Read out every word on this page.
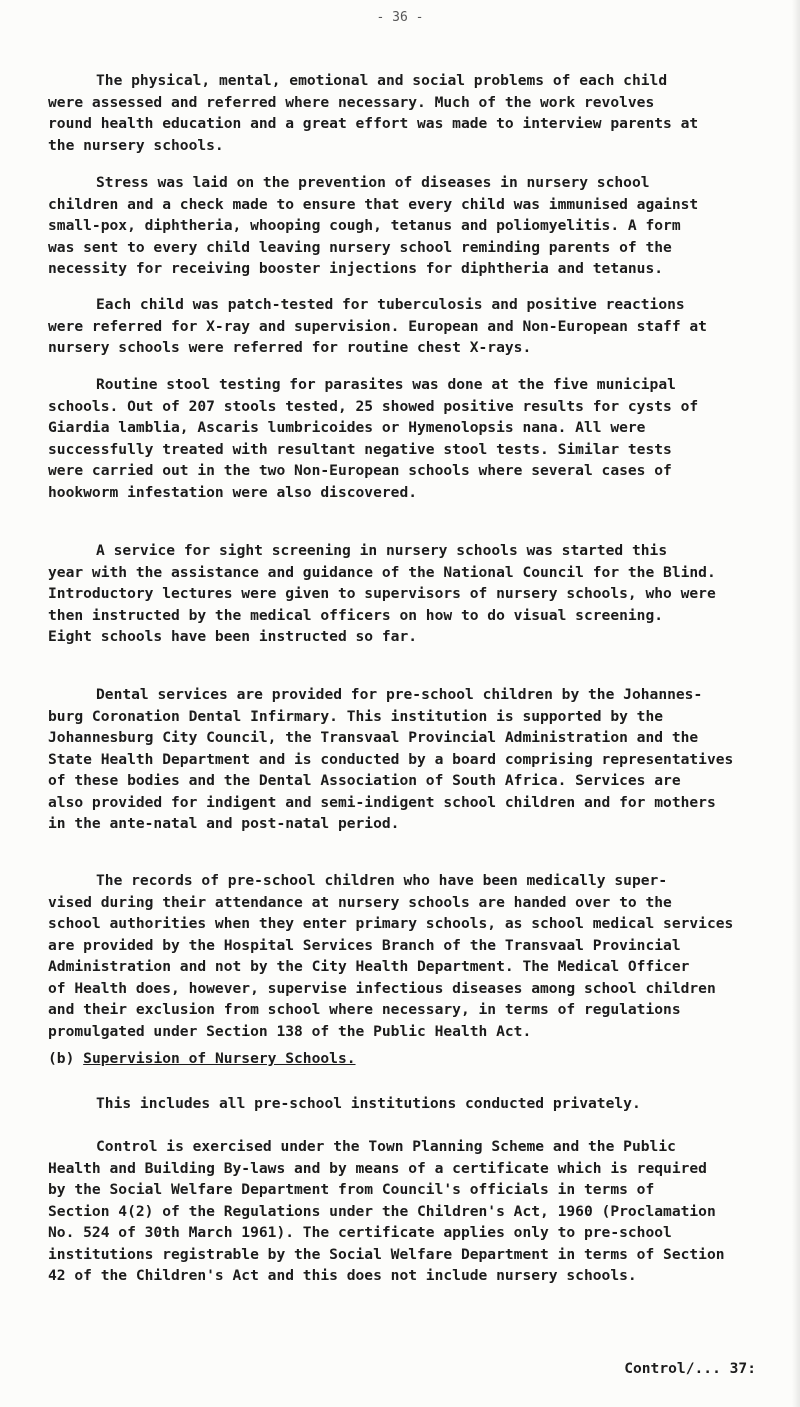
- 36 -
The physical, mental, emotional and social problems of each child
were assessed and referred where necessary. Much of the work revolves
round health education and a great effort was made to interview parents at
the nursery schools.
Stress was laid on the prevention of diseases in nursery school
children and a check made to ensure that every child was immunised against
small-pox, diphtheria, whooping cough, tetanus and poliomyelitis. A form
was sent to every child leaving nursery school reminding parents of the
necessity for receiving booster injections for diphtheria and tetanus.
Each child was patch-tested for tuberculosis and positive reactions
were referred for X-ray and supervision. European and Non-European staff at
nursery schools were referred for routine chest X-rays.
Routine stool testing for parasites was done at the five municipal
schools. Out of 207 stools tested, 25 showed positive results for cysts of
Giardia lamblia, Ascaris lumbricoides or Hymenolopsis nana. All were
successfully treated with resultant negative stool tests. Similar tests
were carried out in the two Non-European schools where several cases of
hookworm infestation were also discovered.
A service for sight screening in nursery schools was started this
year with the assistance and guidance of the National Council for the Blind.
Introductory lectures were given to supervisors of nursery schools, who were
then instructed by the medical officers on how to do visual screening.
Eight schools have been instructed so far.
Dental services are provided for pre-school children by the Johannes-
burg Coronation Dental Infirmary. This institution is supported by the
Johannesburg City Council, the Transvaal Provincial Administration and the
State Health Department and is conducted by a board comprising representatives
of these bodies and the Dental Association of South Africa. Services are
also provided for indigent and semi-indigent school children and for mothers
in the ante-natal and post-natal period.
The records of pre-school children who have been medically super-
vised during their attendance at nursery schools are handed over to the
school authorities when they enter primary schools, as school medical services
are provided by the Hospital Services Branch of the Transvaal Provincial
Administration and not by the City Health Department. The Medical Officer
of Health does, however, supervise infectious diseases among school children
and their exclusion from school where necessary, in terms of regulations
promulgated under Section 138 of the Public Health Act.
(b) Supervision of Nursery Schools.
This includes all pre-school institutions conducted privately.
Control is exercised under the Town Planning Scheme and the Public
Health and Building By-laws and by means of a certificate which is required
by the Social Welfare Department from Council's officials in terms of
Section 4(2) of the Regulations under the Children's Act, 1960 (Proclamation
No. 524 of 30th March 1961). The certificate applies only to pre-school
institutions registrable by the Social Welfare Department in terms of Section
42 of the Children's Act and this does not include nursery schools.
Control/... 37:
